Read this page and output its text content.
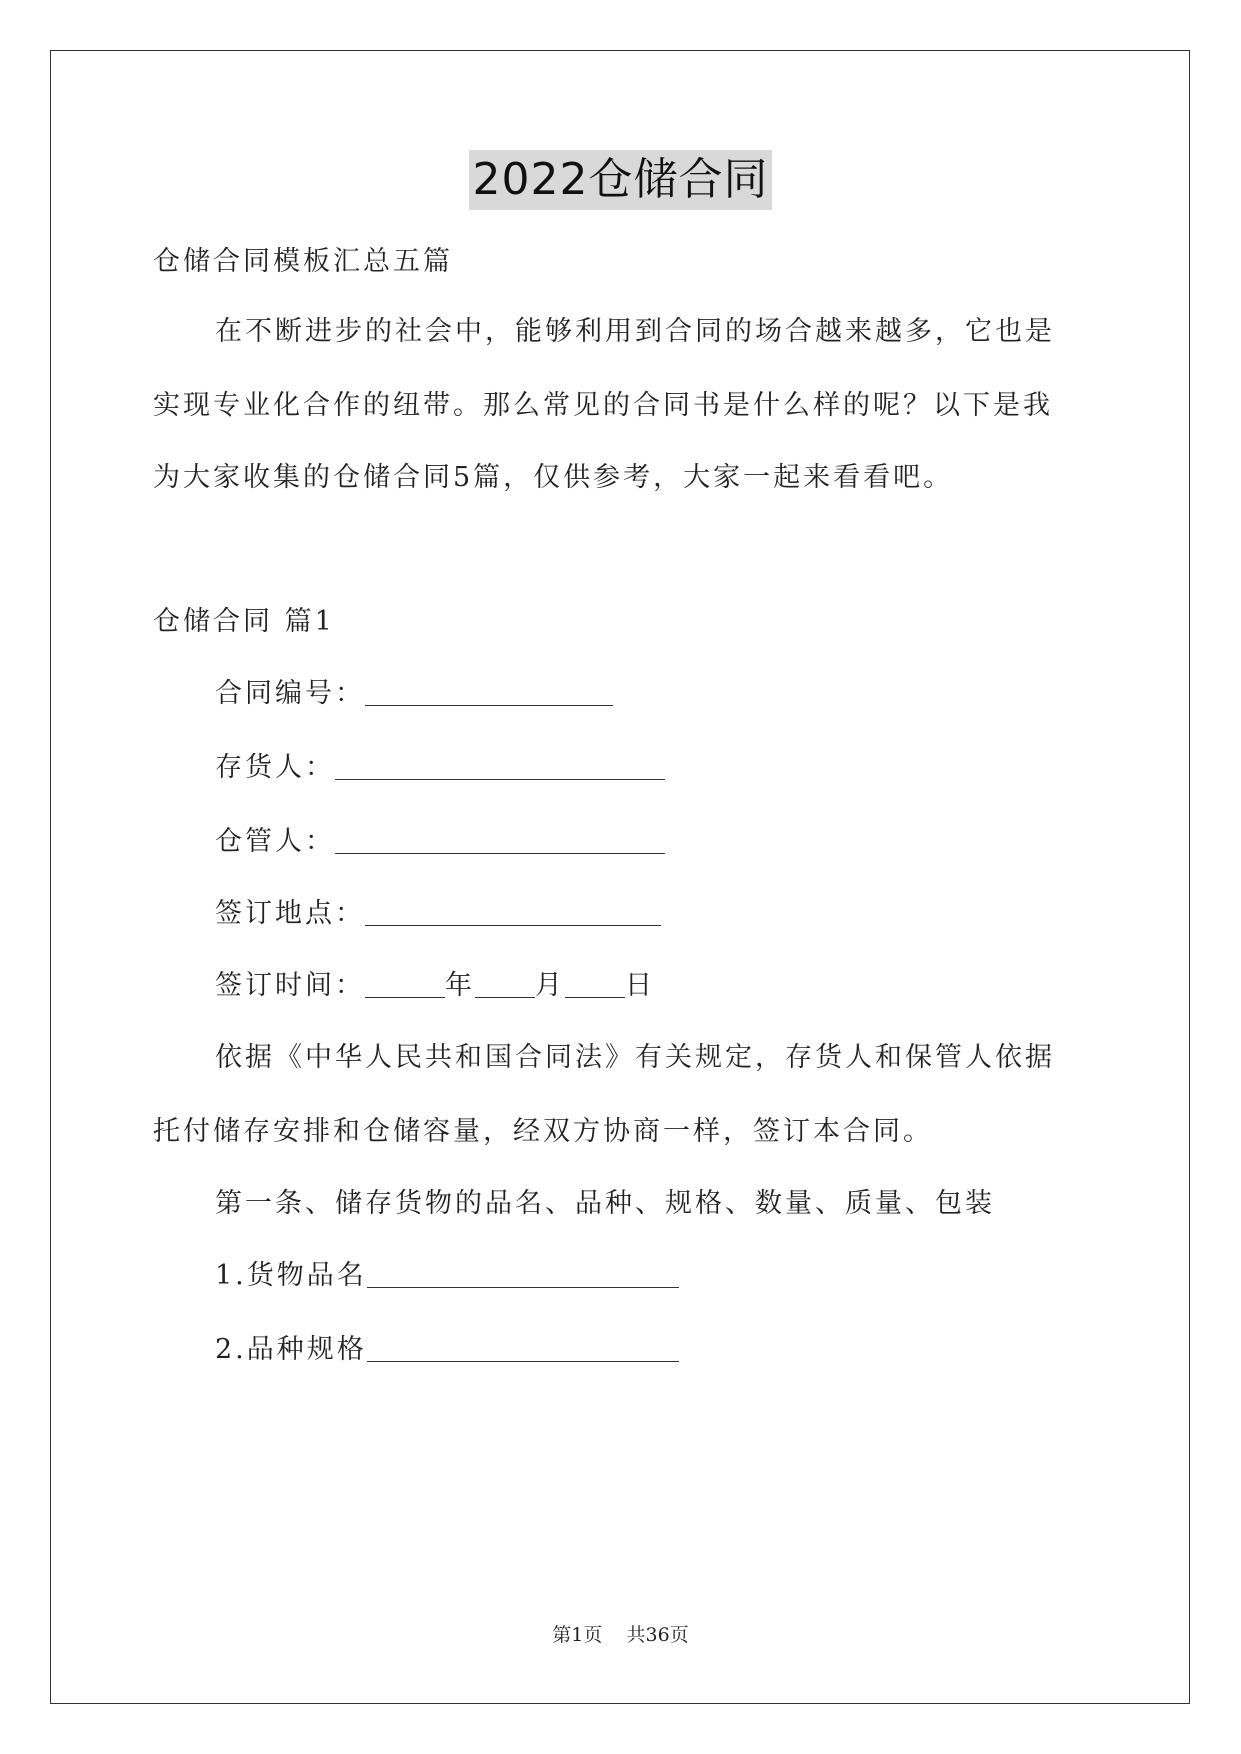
2022仓储合同
仓储合同模板汇总五篇
在不断进步的社会中，能够利用到合同的场合越来越多，它也是
实现专业化合作的纽带。那么常见的合同书是什么样的呢？以下是我
为大家收集的仓储合同5篇，仅供参考，大家一起来看看吧。
仓储合同 篇1
合同编号：
存货人：
仓管人：
签订地点：
签订时间：	年 月 日
依据《中华人民共和国合同法》有关规定，存货人和保管人依据
托付储存安排和仓储容量，经双方协商一样，签订本合同。
第一条、储存货物的品名、品种、规格、数量、质量、包装
1.货物品名
2.品种规格
第1页 共36页
